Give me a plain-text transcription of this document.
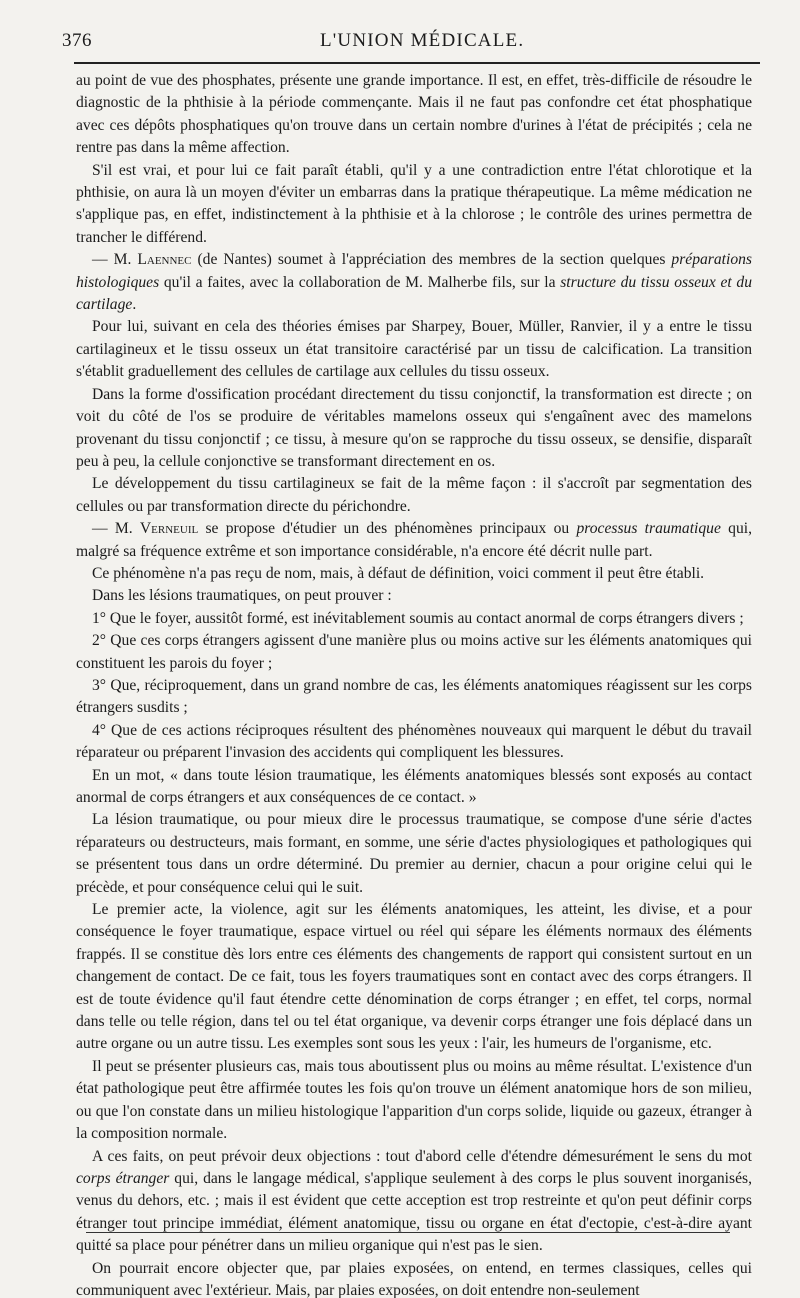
376	L'UNION MÉDICALE.

au point de vue des phosphates, présente une grande importance. Il est, en effet, très-difficile de résoudre le diagnostic de la phthisie à la période commençante. Mais il ne faut pas confondre cet état phosphatique avec ces dépôts phosphatiques qu'on trouve dans un certain nombre d'urines à l'état de précipités ; cela ne rentre pas dans la même affection.

S'il est vrai, et pour lui ce fait paraît établi, qu'il y a une contradiction entre l'état chlorotique et la phthisie, on aura là un moyen d'éviter un embarras dans la pratique thérapeutique. La même médication ne s'applique pas, en effet, indistinctement à la phthisie et à la chlorose ; le contrôle des urines permettra de trancher le différend.

— M. Laennec (de Nantes) soumet à l'appréciation des membres de la section quelques préparations histologiques qu'il a faites, avec la collaboration de M. Malherbe fils, sur la structure du tissu osseux et du cartilage.

Pour lui, suivant en cela des théories émises par Sharpey, Bouer, Müller, Ranvier, il y a entre le tissu cartilagineux et le tissu osseux un état transitoire caractérisé par un tissu de calcification. La transition s'établit graduellement des cellules de cartilage aux cellules du tissu osseux.

Dans la forme d'ossification procédant directement du tissu conjonctif, la transformation est directe ; on voit du côté de l'os se produire de véritables mamelons osseux qui s'engaînent avec des mamelons provenant du tissu conjonctif ; ce tissu, à mesure qu'on se rapproche du tissu osseux, se densifie, disparaît peu à peu, la cellule conjonctive se transformant directement en os.

Le développement du tissu cartilagineux se fait de la même façon : il s'accroît par segmentation des cellules ou par transformation directe du périchondre.

— M. Verneuil se propose d'étudier un des phénomènes principaux ou processus traumatique qui, malgré sa fréquence extrême et son importance considérable, n'a encore été décrit nulle part.

Ce phénomène n'a pas reçu de nom, mais, à défaut de définition, voici comment il peut être établi.

Dans les lésions traumatiques, on peut prouver :

1° Que le foyer, aussitôt formé, est inévitablement soumis au contact anormal de corps étrangers divers ;

2° Que ces corps étrangers agissent d'une manière plus ou moins active sur les éléments anatomiques qui constituent les parois du foyer ;

3° Que, réciproquement, dans un grand nombre de cas, les éléments anatomiques réagissent sur les corps étrangers susdits ;

4° Que de ces actions réciproques résultent des phénomènes nouveaux qui marquent le début du travail réparateur ou préparent l'invasion des accidents qui compliquent les blessures.

En un mot, « dans toute lésion traumatique, les éléments anatomiques blessés sont exposés au contact anormal de corps étrangers et aux conséquences de ce contact. »

La lésion traumatique, ou pour mieux dire le processus traumatique, se compose d'une série d'actes réparateurs ou destructeurs, mais formant, en somme, une série d'actes physiologiques et pathologiques qui se présentent tous dans un ordre déterminé. Du premier au dernier, chacun a pour origine celui qui le précède, et pour conséquence celui qui le suit.

Le premier acte, la violence, agit sur les éléments anatomiques, les atteint, les divise, et a pour conséquence le foyer traumatique, espace virtuel ou réel qui sépare les éléments normaux des éléments frappés. Il se constitue dès lors entre ces éléments des changements de rapport qui consistent surtout en un changement de contact. De ce fait, tous les foyers traumatiques sont en contact avec des corps étrangers. Il est de toute évidence qu'il faut étendre cette dénomination de corps étranger ; en effet, tel corps, normal dans telle ou telle région, dans tel ou tel état organique, va devenir corps étranger une fois déplacé dans un autre organe ou un autre tissu. Les exemples sont sous les yeux : l'air, les humeurs de l'organisme, etc.

Il peut se présenter plusieurs cas, mais tous aboutissent plus ou moins au même résultat. L'existence d'un état pathologique peut être affirmée toutes les fois qu'on trouve un élément anatomique hors de son milieu, ou que l'on constate dans un milieu histologique l'apparition d'un corps solide, liquide ou gazeux, étranger à la composition normale.

A ces faits, on peut prévoir deux objections : tout d'abord celle d'étendre démesurément le sens du mot corps étranger qui, dans le langage médical, s'applique seulement à des corps le plus souvent inorganisés, venus du dehors, etc. ; mais il est évident que cette acception est trop restreinte et qu'on peut définir corps étranger tout principe immédiat, élément anatomique, tissu ou organe en état d'ectopie, c'est-à-dire ayant quitté sa place pour pénétrer dans un milieu organique qui n'est pas le sien.

On pourrait encore objecter que, par plaies exposées, on entend, en termes classiques, celles qui communiquent avec l'extérieur. Mais, par plaies exposées, on doit entendre non-seulement
